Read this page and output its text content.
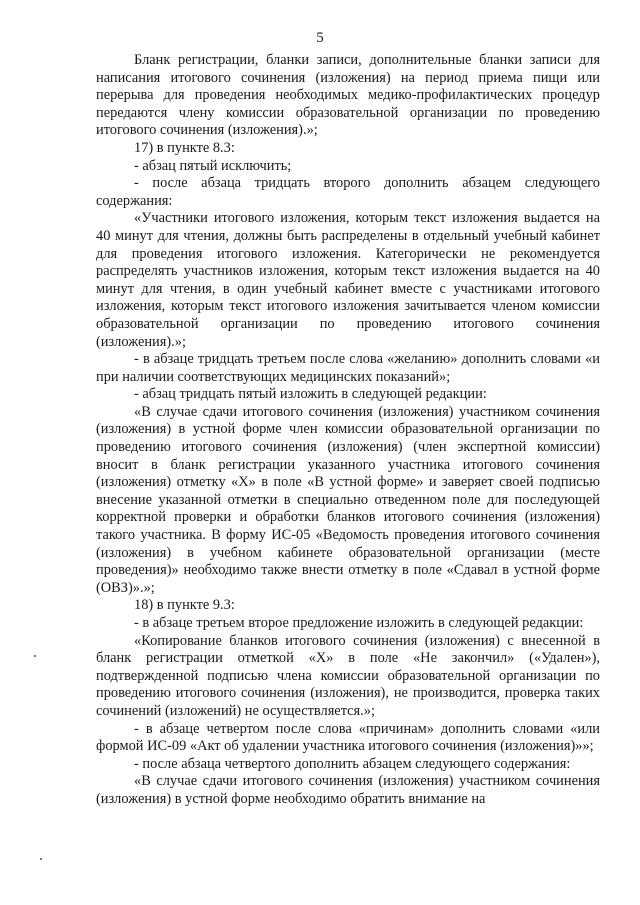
5

Бланк регистрации, бланки записи, дополнительные бланки записи для написания итогового сочинения (изложения) на период приема пищи или перерыва для проведения необходимых медико-профилактических процедур передаются члену комиссии образовательной организации по проведению итогового сочинения (изложения).»;

17) в пункте 8.3:

- абзац пятый исключить;

- после абзаца тридцать второго дополнить абзацем следующего содержания:

«Участники итогового изложения, которым текст изложения выдается на 40 минут для чтения, должны быть распределены в отдельный учебный кабинет для проведения итогового изложения. Категорически не рекомендуется распределять участников изложения, которым текст изложения выдается на 40 минут для чтения, в один учебный кабинет вместе с участниками итогового изложения, которым текст итогового изложения зачитывается членом комиссии образовательной организации по проведению итогового сочинения (изложения).»;

- в абзаце тридцать третьем после слова «желанию» дополнить словами «и при наличии соответствующих медицинских показаний»;

- абзац тридцать пятый изложить в следующей редакции:

«В случае сдачи итогового сочинения (изложения) участником сочинения (изложения) в устной форме член комиссии образовательной организации по проведению итогового сочинения (изложения) (член экспертной комиссии) вносит в бланк регистрации указанного участника итогового сочинения (изложения) отметку «Х» в поле «В устной форме» и заверяет своей подписью внесение указанной отметки в специально отведенном поле для последующей корректной проверки и обработки бланков итогового сочинения (изложения) такого участника. В форму ИС-05 «Ведомость проведения итогового сочинения (изложения) в учебном кабинете образовательной организации (месте проведения)» необходимо также внести отметку в поле «Сдавал в устной форме (ОВЗ)».»;

18) в пункте 9.3:

- в абзаце третьем второе предложение изложить в следующей редакции:

«Копирование бланков итогового сочинения (изложения) с внесенной в бланк регистрации отметкой «Х» в поле «Не закончил» («Удален»), подтвержденной подписью члена комиссии образовательной организации по проведению итогового сочинения (изложения), не производится, проверка таких сочинений (изложений) не осуществляется.»;

- в абзаце четвертом после слова «причинам» дополнить словами «или формой ИС-09 «Акт об удалении участника итогового сочинения (изложения)»»;

- после абзаца четвертого дополнить абзацем следующего содержания:

«В случае сдачи итогового сочинения (изложения) участником сочинения (изложения) в устной форме необходимо обратить внимание на
